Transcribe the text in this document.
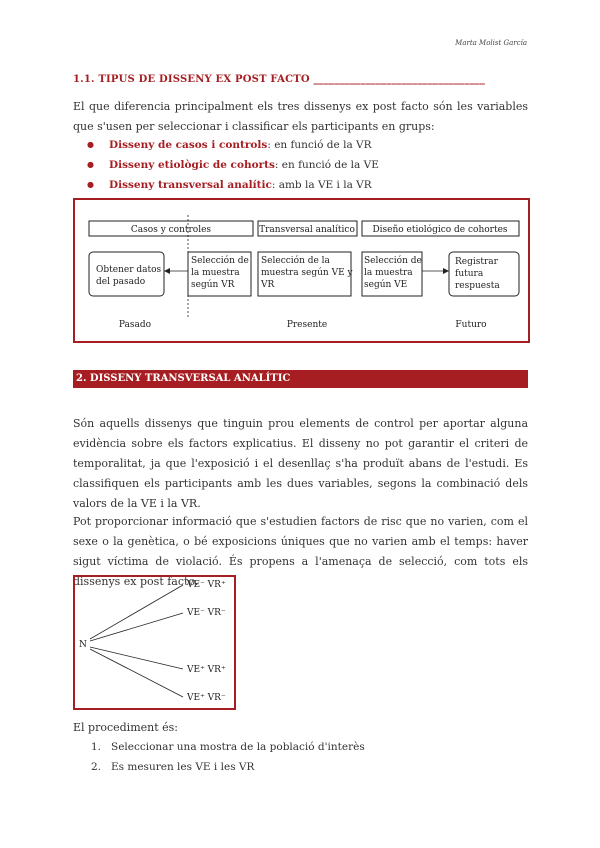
Marta Molist García
1.1. TIPUS DE DISSENY EX POST FACTO _________________________________
El que diferencia principalment els tres dissenys ex post facto són les variables que s'usen per seleccionar i classificar els participants en grups:
● Disseny de casos i controls: en funció de la VR
● Disseny etiològic de cohorts: en funció de la VE
● Disseny transversal analític: amb la VE i la VR
Casos y controles	Transversal analítico Diseño etiológico de cohortes
Obtener datos
del pasado
Selección de
la muestra
según VR
Selección de la
muestra según VE y
VR
Selección de
la muestra
según VE
Registrar
futura
respuesta
Pasado	Presente	Futuro
2. DISSENY TRANSVERSAL ANALÍTIC
Són aquells dissenys que tinguin prou elements de control per aportar alguna evidència sobre els factors explicatius. El disseny no pot garantir el criteri de temporalitat, ja que l'exposició i el desenllaç s'ha produït abans de l'estudi. Es classifiquen els participants amb les dues variables, segons la combinació dels valors de la VE i la VR.
Pot proporcionar informació que s'estudien factors de risc que no varien, com el sexe o la genètica, o bé exposicions úniques que no varien amb el temps: haver sigut víctima de violació. És propens a l'amenaça de selecció, com tots els dissenys ex post facto.
N
VE⁻ VR⁺
VE⁻ VR⁻
VE⁺ VR⁺
VE⁺ VR⁻
El procediment és:
1. Seleccionar una mostra de la població d'interès
2. Es mesuren les VE i les VR
